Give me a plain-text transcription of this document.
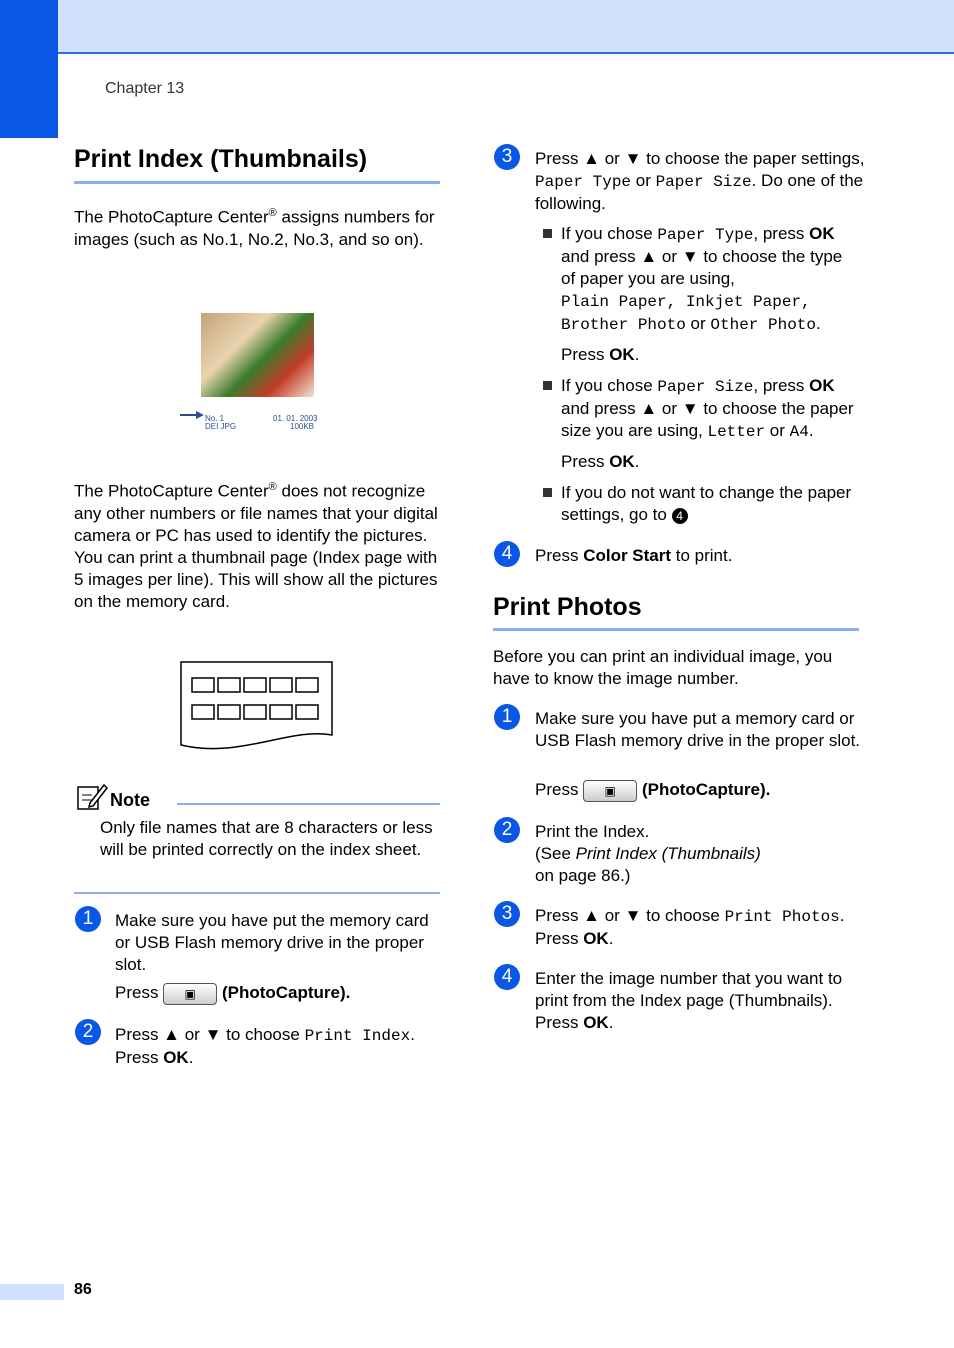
Chapter 13
Print Index (Thumbnails)
The PhotoCapture Center® assigns numbers for images (such as No.1, No.2, No.3, and so on).
No. 1
DEI JPG
01. 01. 2003
100KB
The PhotoCapture Center® does not recognize any other numbers or file names that your digital camera or PC has used to identify the pictures. You can print a thumbnail page (Index page with 5 images per line). This will show all the pictures on the memory card.
Note
Only file names that are 8 characters or less will be printed correctly on the index sheet.
1	Make sure you have put the memory card or USB Flash memory drive in the proper slot.
Press ▣ (PhotoCapture).
2	Press ▲ or ▼ to choose Print Index.
Press OK.
3	Press ▲ or ▼ to choose the paper settings, Paper Type or Paper Size. Do one of the following.
If you chose Paper Type, press OK and press ▲ or ▼ to choose the type of paper you are using,
Plain Paper, Inkjet Paper,
Brother Photo or Other Photo.
Press OK.
If you chose Paper Size, press OK and press ▲ or ▼ to choose the paper size you are using, Letter or A4.
Press OK.
If you do not want to change the paper settings, go to 4
4	Press Color Start to print.
Print Photos
Before you can print an individual image, you have to know the image number.
1	Make sure you have put a memory card or USB Flash memory drive in the proper slot.
Press ▣ (PhotoCapture).
2	Print the Index.
(See Print Index (Thumbnails)
on page 86.)
3	Press ▲ or ▼ to choose Print Photos.
Press OK.
4	Enter the image number that you want to print from the Index page (Thumbnails).
Press OK.
86
